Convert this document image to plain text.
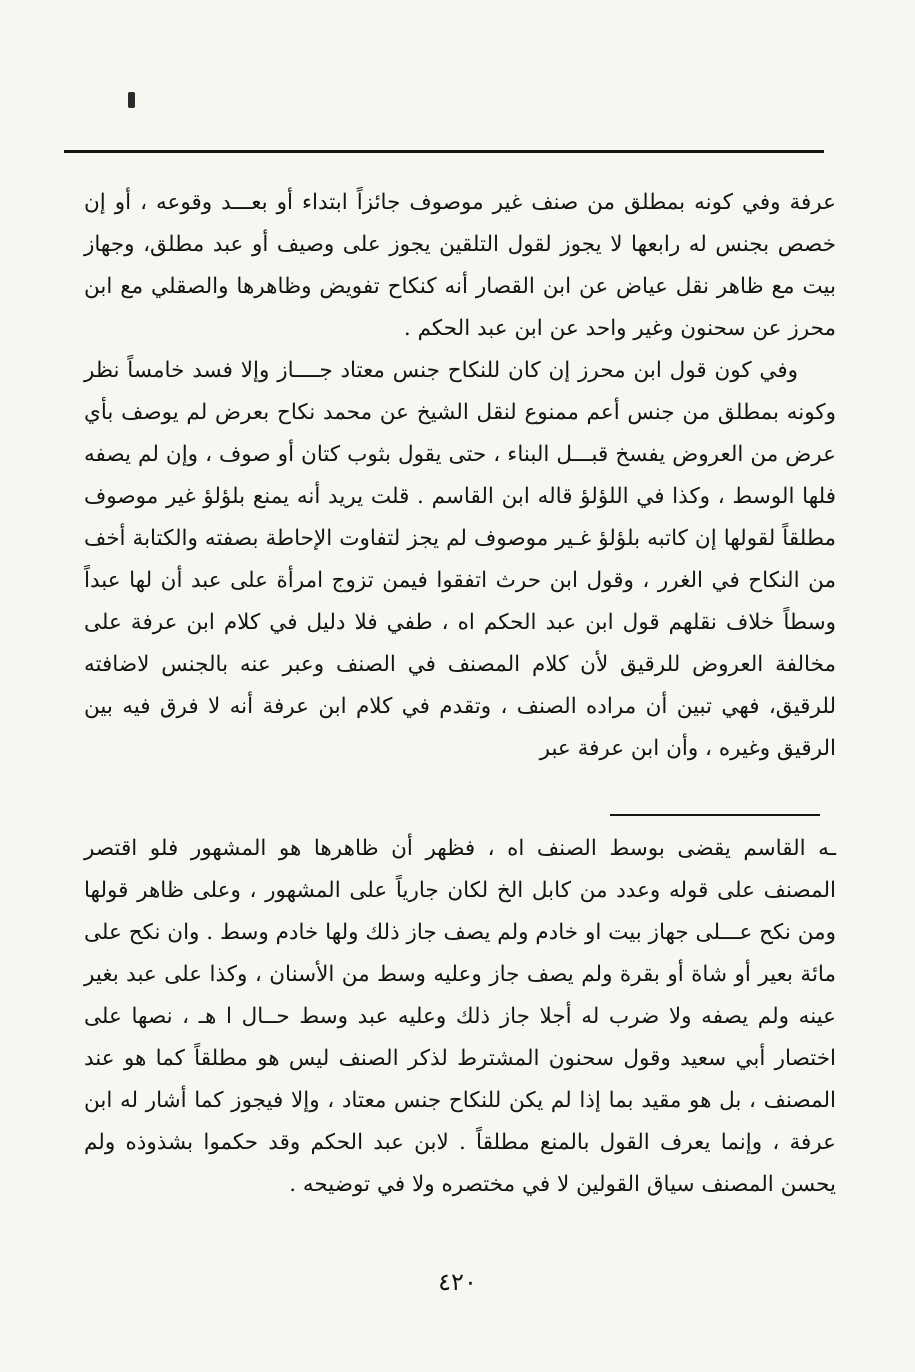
عرفة وفي كونه بمطلق من صنف غير موصوف جائزاً ابتداء أو بعـــد وقوعه ، أو إن خصص بجنس له رابعها لا يجوز لقول التلقين يجوز على وصيف أو عبد مطلق، وجهاز بيت مع ظاهر نقل عياض عن ابن القصار أنه كنكاح تفويض وظاهرها والصقلي مع ابن محرز عن سحنون وغير واحد عن ابن عبد الحكم .

وفي كون قول ابن محرز إن كان للنكاح جنس معتاد جــــاز وإلا فسد خامساً نظر وكونه بمطلق من جنس أعم ممنوع لنقل الشيخ عن محمد نكاح بعرض لم يوصف بأي عرض من العروض يفسخ قبـــل البناء ، حتى يقول بثوب كتان أو صوف ، وإن لم يصفه فلها الوسط ، وكذا في اللؤلؤ قاله ابن القاسم . قلت يريد أنه يمنع بلؤلؤ غير موصوف مطلقاً لقولها إن كاتبه بلؤلؤ غـير موصوف لم يجز لتفاوت الإحاطة بصفته والكتابة أخف من النكاح في الغرر ، وقول ابن حرث اتفقوا فيمن تزوج امرأة على عبد أن لها عبداً وسطاً خلاف نقلهم قول ابن عبد الحكم اه ، طفي فلا دليل في كلام ابن عرفة على مخالفة العروض للرقيق لأن كلام المصنف في الصنف وعبر عنه بالجنس لاضافته للرقيق، فهي تبين أن مراده الصنف ، وتقدم في كلام ابن عرفة أنه لا فرق فيه بين الرقيق وغيره ، وأن ابن عرفة عبر

ـه القاسم يقضى بوسط الصنف اه ، فظهر أن ظاهرها هو المشهور فلو اقتصر المصنف على قوله وعدد من كابل الخ لكان جارياً على المشهور ، وعلى ظاهر قولها ومن نكح عـــلى جهاز بيت او خادم ولم يصف جاز ذلك ولها خادم وسط . وان نكح على مائة بعير أو شاة أو بقرة ولم يصف جاز وعليه وسط من الأسنان ، وكذا على عبد بغير عينه ولم يصفه ولا ضرب له أجلا جاز ذلك وعليه عبد وسط حــال ا هـ ، نصها على اختصار أبي سعيد وقول سحنون المشترط لذكر الصنف ليس هو مطلقاً كما هو عند المصنف ، بل هو مقيد بما إذا لم يكن للنكاح جنس معتاد ، وإلا فيجوز كما أشار له ابن عرفة ، وإنما يعرف القول بالمنع مطلقاً . لابن عبد الحكم وقد حكموا بشذوذه ولم يحسن المصنف سياق القولين لا في مختصره ولا في توضيحه .

٤٢٠
